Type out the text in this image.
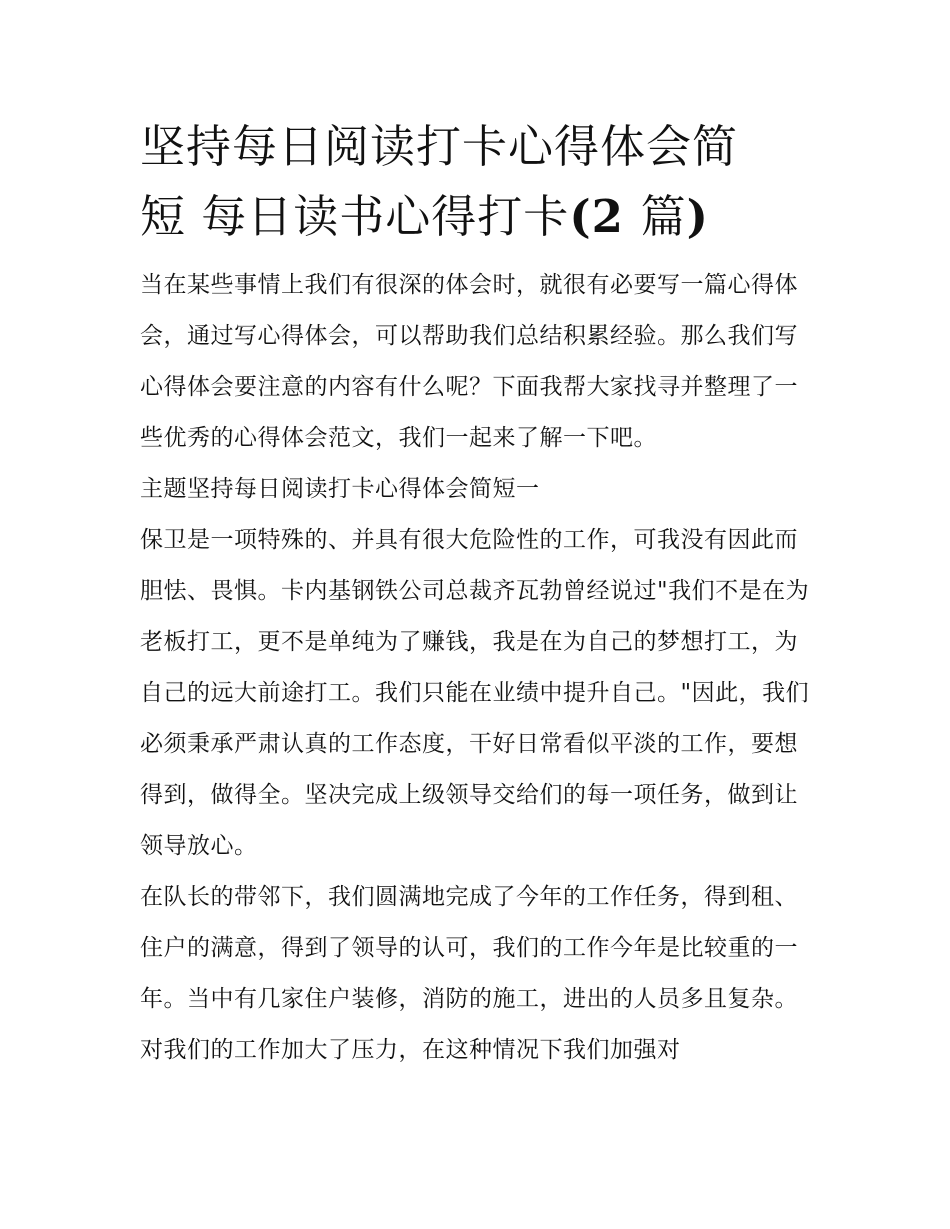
坚持每日阅读打卡心得体会简
短 每日读书心得打卡(2 篇)

当在某些事情上我们有很深的体会时，就很有必要写一篇心得体会，通过写心得体会，可以帮助我们总结积累经验。那么我们写心得体会要注意的内容有什么呢？下面我帮大家找寻并整理了一些优秀的心得体会范文，我们一起来了解一下吧。

主题坚持每日阅读打卡心得体会简短一

保卫是一项特殊的、并具有很大危险性的工作，可我没有因此而胆怯、畏惧。卡内基钢铁公司总裁齐瓦勃曾经说过"我们不是在为老板打工，更不是单纯为了赚钱，我是在为自己的梦想打工，为自己的远大前途打工。我们只能在业绩中提升自己。"因此，我们必须秉承严肃认真的工作态度，干好日常看似平淡的工作，要想得到，做得全。坚决完成上级领导交给们的每一项任务，做到让领导放心。

在队长的带邻下，我们圆满地完成了今年的工作任务，得到租、住户的满意，得到了领导的认可，我们的工作今年是比较重的一年。当中有几家住户装修，消防的施工，进出的人员多且复杂。对我们的工作加大了压力，在这种情况下我们加强对
